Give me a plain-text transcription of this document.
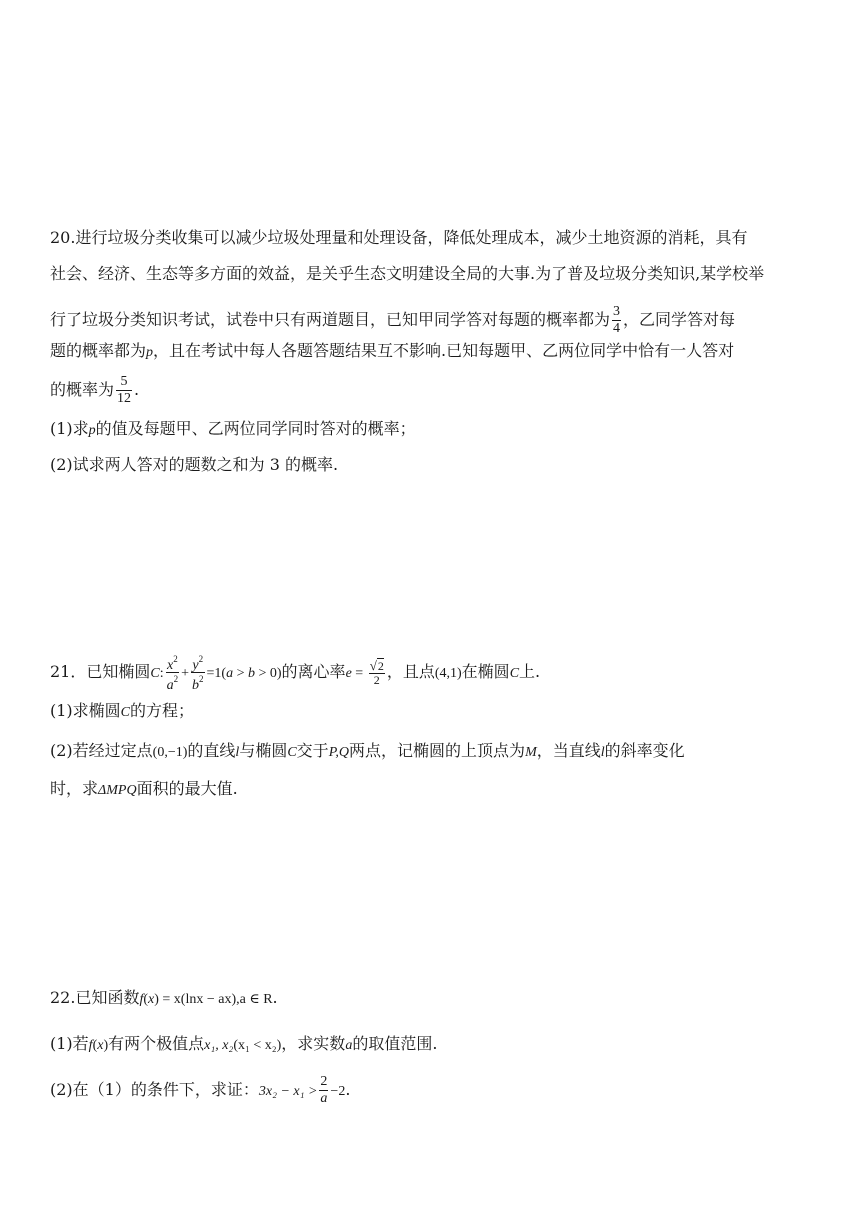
20.进行垃圾分类收集可以减少垃圾处理量和处理设备，降低处理成本，减少土地资源的消耗，具有
社会、经济、生态等多方面的效益，是关乎生态文明建设全局的大事.为了普及垃圾分类知识,某学校举
行了垃圾分类知识考试，试卷中只有两道题目，已知甲同学答对每题的概率都为 $\frac{3}{4}$ ，乙同学答对每
题的概率都为p，且在考试中每人各题答题结果互不影响.已知每题甲、乙两位同学中恰有一人答对
的概率为 $\frac{5}{12}$ .
(1)求p的值及每题甲、乙两位同学同时答对的概率；
(2)试求两人答对的题数之和为 3 的概率.
21．已知椭圆C: $\frac{x^2}{a^2} + \frac{y^2}{b^2} =1(a > b > 0)$的离心率$e = \frac{√2}{2}$ ，且点(4,1)在椭圆C上.
(1)求椭圆C的方程；
(2)若经过定点(0,−1)的直线l与椭圆C交于P,Q两点，记椭圆的上顶点为M，当直线l的斜率变化
时，求ΔMPQ面积的最大值.
22.已知函数f(x) = x(lnx − ax),a ∈ R.
(1)若f(x)有两个极值点x₁, x₂(x₁ < x₂)，求实数a的取值范围.
(2)在（1）的条件下，求证：$3x_2 - x_1 > \frac{2}{a} -2$.
